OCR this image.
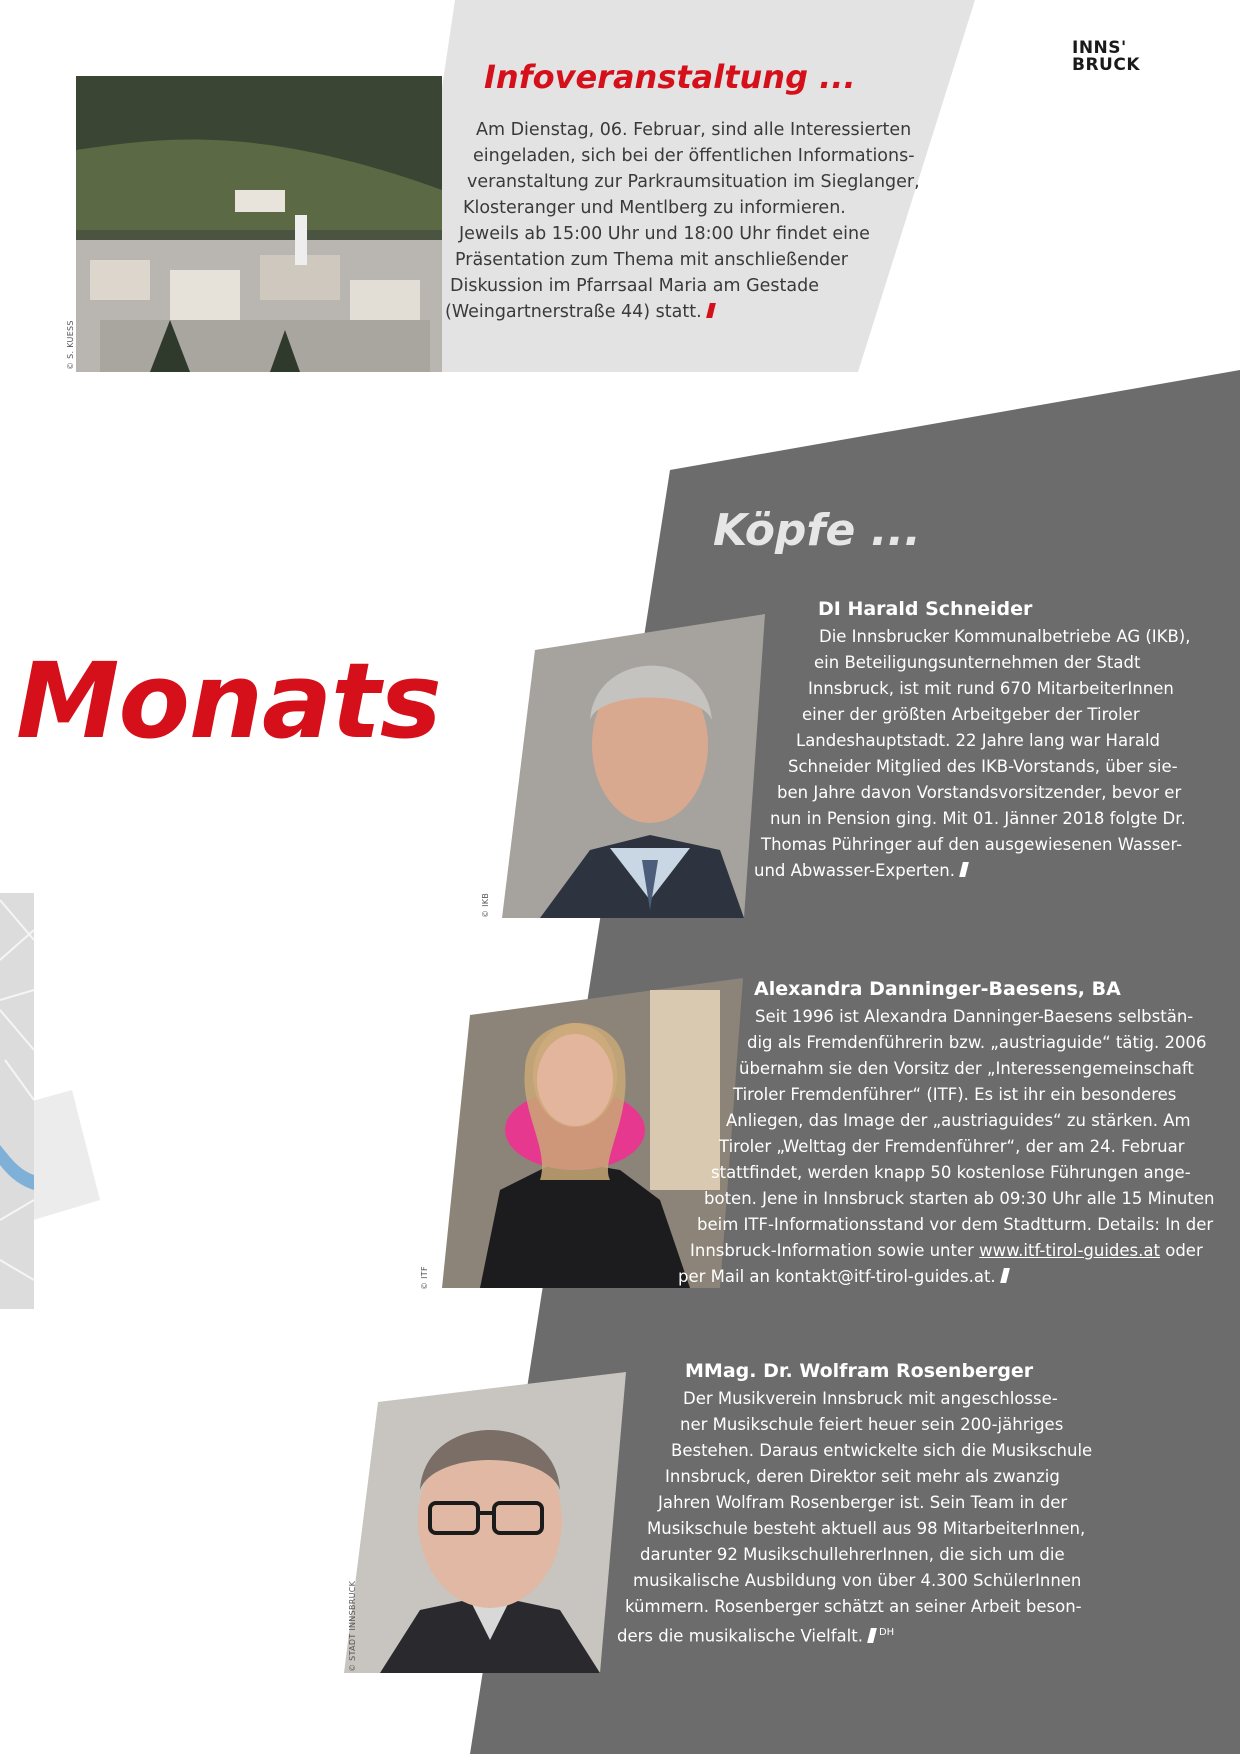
INNS'
BRUCK
Infoveranstaltung ...
Am Dienstag, 06. Februar, sind alle Interessierten
eingeladen, sich bei der öffentlichen Informations-
veranstaltung zur Parkraumsituation im Sieglanger,
Klosteranger und Mentlberg zu informieren.
Jeweils ab 15:00 Uhr und 18:00 Uhr findet eine
Präsentation zum Thema mit anschließender
Diskussion im Pfarrsaal Maria am Gestade
(Weingartnerstraße 44) statt.
© S. KUESS
Monats
Köpfe ...
DI Harald Schneider
Die Innsbrucker Kommunalbetriebe AG (IKB),
ein Beteiligungsunternehmen der Stadt
Innsbruck, ist mit rund 670 MitarbeiterInnen
einer der größten Arbeitgeber der Tiroler
Landeshauptstadt. 22 Jahre lang war Harald
Schneider Mitglied des IKB-Vorstands, über sie-
ben Jahre davon Vorstandsvorsitzender, bevor er
nun in Pension ging. Mit 01. Jänner 2018 folgte Dr.
Thomas Pühringer auf den ausgewiesenen Wasser-
und Abwasser-Experten.
© IKB
Alexandra Danninger-Baesens, BA
Seit 1996 ist Alexandra Danninger-Baesens selbstän-
dig als Fremdenführerin bzw. „austriaguide“ tätig. 2006
übernahm sie den Vorsitz der „Interessengemeinschaft
Tiroler Fremdenführer“ (ITF). Es ist ihr ein besonderes
Anliegen, das Image der „austriaguides“ zu stärken. Am
Tiroler „Welttag der Fremdenführer“, der am 24. Februar
stattfindet, werden knapp 50 kostenlose Führungen ange-
boten. Jene in Innsbruck starten ab 09:30 Uhr alle 15 Minuten
beim ITF-Informationsstand vor dem Stadtturm. Details: In der
Innsbruck-Information sowie unter www.itf-tirol-guides.at oder
per Mail an kontakt@itf-tirol-guides.at.
© ITF
MMag. Dr. Wolfram Rosenberger
Der Musikverein Innsbruck mit angeschlosse-
ner Musikschule feiert heuer sein 200-jähriges
Bestehen. Daraus entwickelte sich die Musikschule
Innsbruck, deren Direktor seit mehr als zwanzig
Jahren Wolfram Rosenberger ist. Sein Team in der
Musikschule besteht aktuell aus 98 MitarbeiterInnen,
darunter 92 MusikschullehrerInnen, die sich um die
musikalische Ausbildung von über 4.300 SchülerInnen
kümmern. Rosenberger schätzt an seiner Arbeit beson-
ders die musikalische Vielfalt. $^{DH}$
© STADT INNSBRUCK
